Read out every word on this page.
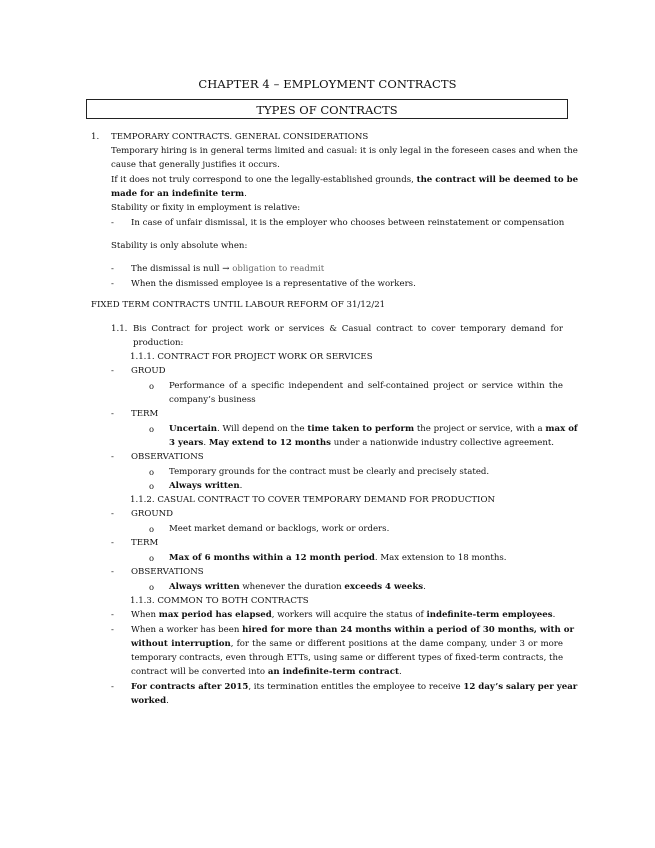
CHAPTER 4 – EMPLOYMENT CONTRACTS
TYPES OF CONTRACTS
1. TEMPORARY CONTRACTS. GENERAL CONSIDERATIONS
Temporary hiring is in general terms limited and casual: it is only legal in the foreseen cases and when the
cause that generally justifies it occurs.
If it does not truly correspond to one the legally-established grounds, the contract will be deemed to be
made for an indefinite term.
Stability or fixity in employment is relative:
- In case of unfair dismissal, it is the employer who chooses between reinstatement or compensation
Stability is only absolute when:
- The dismissal is null → obligation to readmit
- When the dismissed employee is a representative of the workers.
FIXED TERM CONTRACTS UNTIL LABOUR REFORM OF 31/12/21
1.1. Bis Contract for project work or services & Casual contract to cover temporary demand for
production:
1.1.1. CONTRACT FOR PROJECT WORK OR SERVICES
- GROUD
o Performance of a specific independent and self-contained project or service within the
company’s business
- TERM
o Uncertain. Will depend on the time taken to perform the project or service, with a max of
3 years. May extend to 12 months under a nationwide industry collective agreement.
- OBSERVATIONS
o Temporary grounds for the contract must be clearly and precisely stated.
o Always written.
1.1.2. CASUAL CONTRACT TO COVER TEMPORARY DEMAND FOR PRODUCTION
- GROUND
o Meet market demand or backlogs, work or orders.
- TERM
o Max of 6 months within a 12 month period. Max extension to 18 months.
- OBSERVATIONS
o Always written whenever the duration exceeds 4 weeks.
1.1.3. COMMON TO BOTH CONTRACTS
- When max period has elapsed, workers will acquire the status of indefinite-term employees.
- When a worker has been hired for more than 24 months within a period of 30 months, with or
without interruption, for the same or different positions at the dame company, under 3 or more
temporary contracts, even through ETTs, using same or different types of fixed-term contracts, the
contract will be converted into an indefinite-term contract.
- For contracts after 2015, its termination entitles the employee to receive 12 day’s salary per year
worked.
